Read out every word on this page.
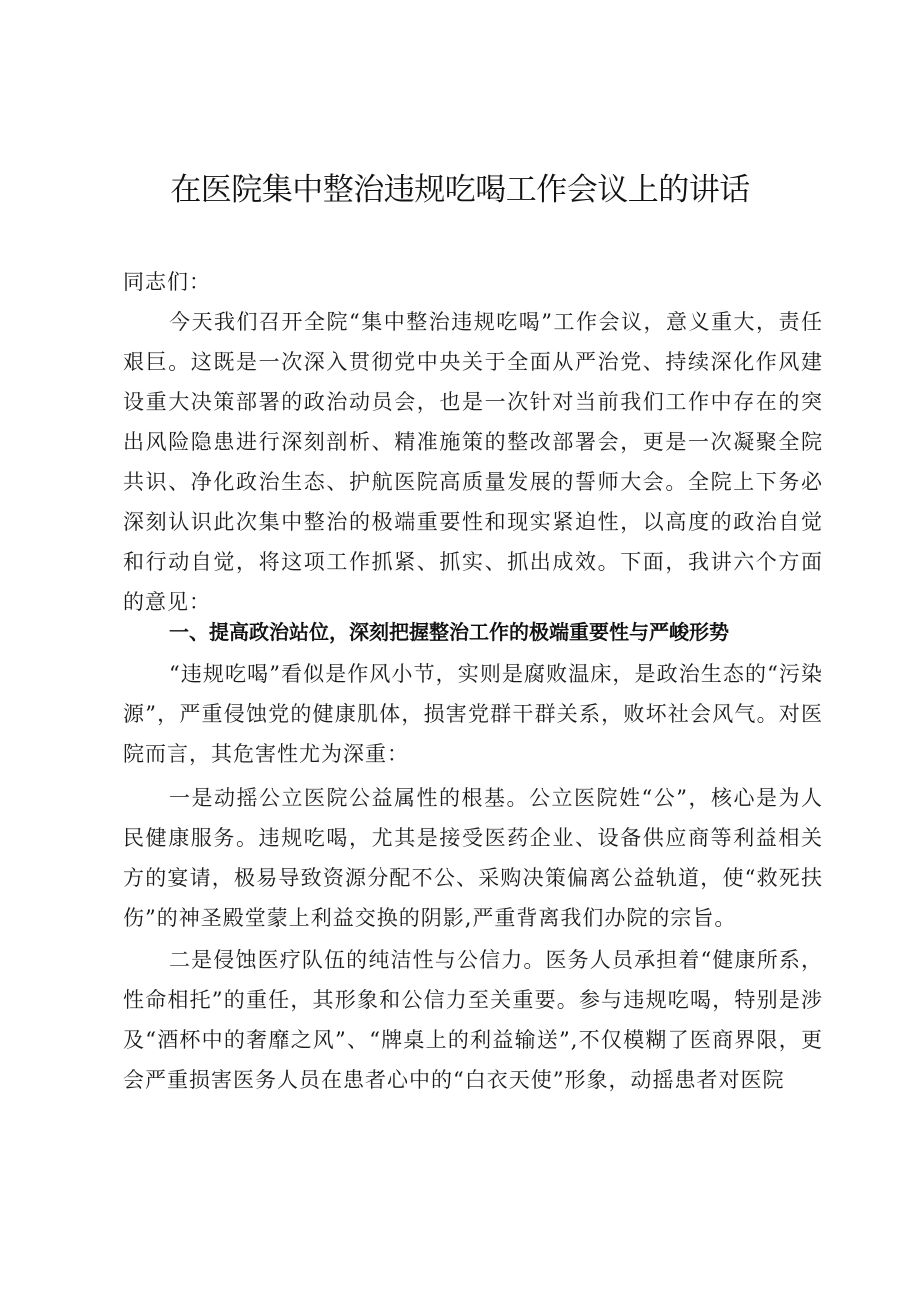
在医院集中整治违规吃喝工作会议上的讲话

同志们：

今天我们召开全院“集中整治违规吃喝”工作会议，意义重大，责任艰巨。这既是一次深入贯彻党中央关于全面从严治党、持续深化作风建设重大决策部署的政治动员会，也是一次针对当前我们工作中存在的突出风险隐患进行深刻剖析、精准施策的整改部署会，更是一次凝聚全院共识、净化政治生态、护航医院高质量发展的誓师大会。全院上下务必深刻认识此次集中整治的极端重要性和现实紧迫性，以高度的政治自觉和行动自觉，将这项工作抓紧、抓实、抓出成效。下面，我讲六个方面的意见：

一、提高政治站位，深刻把握整治工作的极端重要性与严峻形势

“违规吃喝”看似是作风小节，实则是腐败温床，是政治生态的“污染源”，严重侵蚀党的健康肌体，损害党群干群关系，败坏社会风气。对医院而言，其危害性尤为深重：

一是动摇公立医院公益属性的根基。公立医院姓“公”，核心是为人民健康服务。违规吃喝，尤其是接受医药企业、设备供应商等利益相关方的宴请，极易导致资源分配不公、采购决策偏离公益轨道，使“救死扶伤”的神圣殿堂蒙上利益交换的阴影,严重背离我们办院的宗旨。

二是侵蚀医疗队伍的纯洁性与公信力。医务人员承担着“健康所系，性命相托”的重任，其形象和公信力至关重要。参与违规吃喝，特别是涉及“酒杯中的奢靡之风”、“牌桌上的利益输送”,不仅模糊了医商界限，更会严重损害医务人员在患者心中的“白衣天使”形象，动摇患者对医院
